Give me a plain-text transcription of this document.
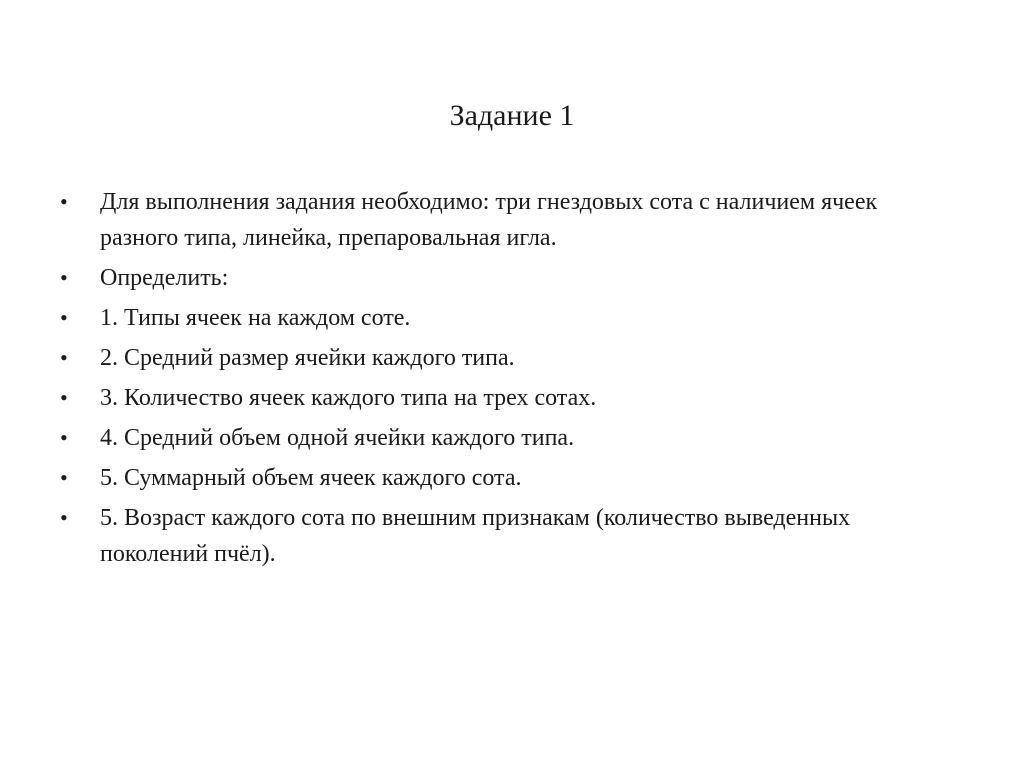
Задание 1
•	Для выполнения задания необходимо: три гнездовых сота с наличием ячеек разного типа, линейка, препаровальная игла.
•	Определить:
•	1. Типы ячеек на каждом соте.
•	2. Средний размер ячейки каждого типа.
•	3. Количество ячеек каждого типа на трех сотах.
•	4. Средний объем одной ячейки каждого типа.
•	5. Суммарный объем ячеек каждого сота.
•	5. Возраст каждого сота по внешним признакам (количество выведенных поколений пчёл).
